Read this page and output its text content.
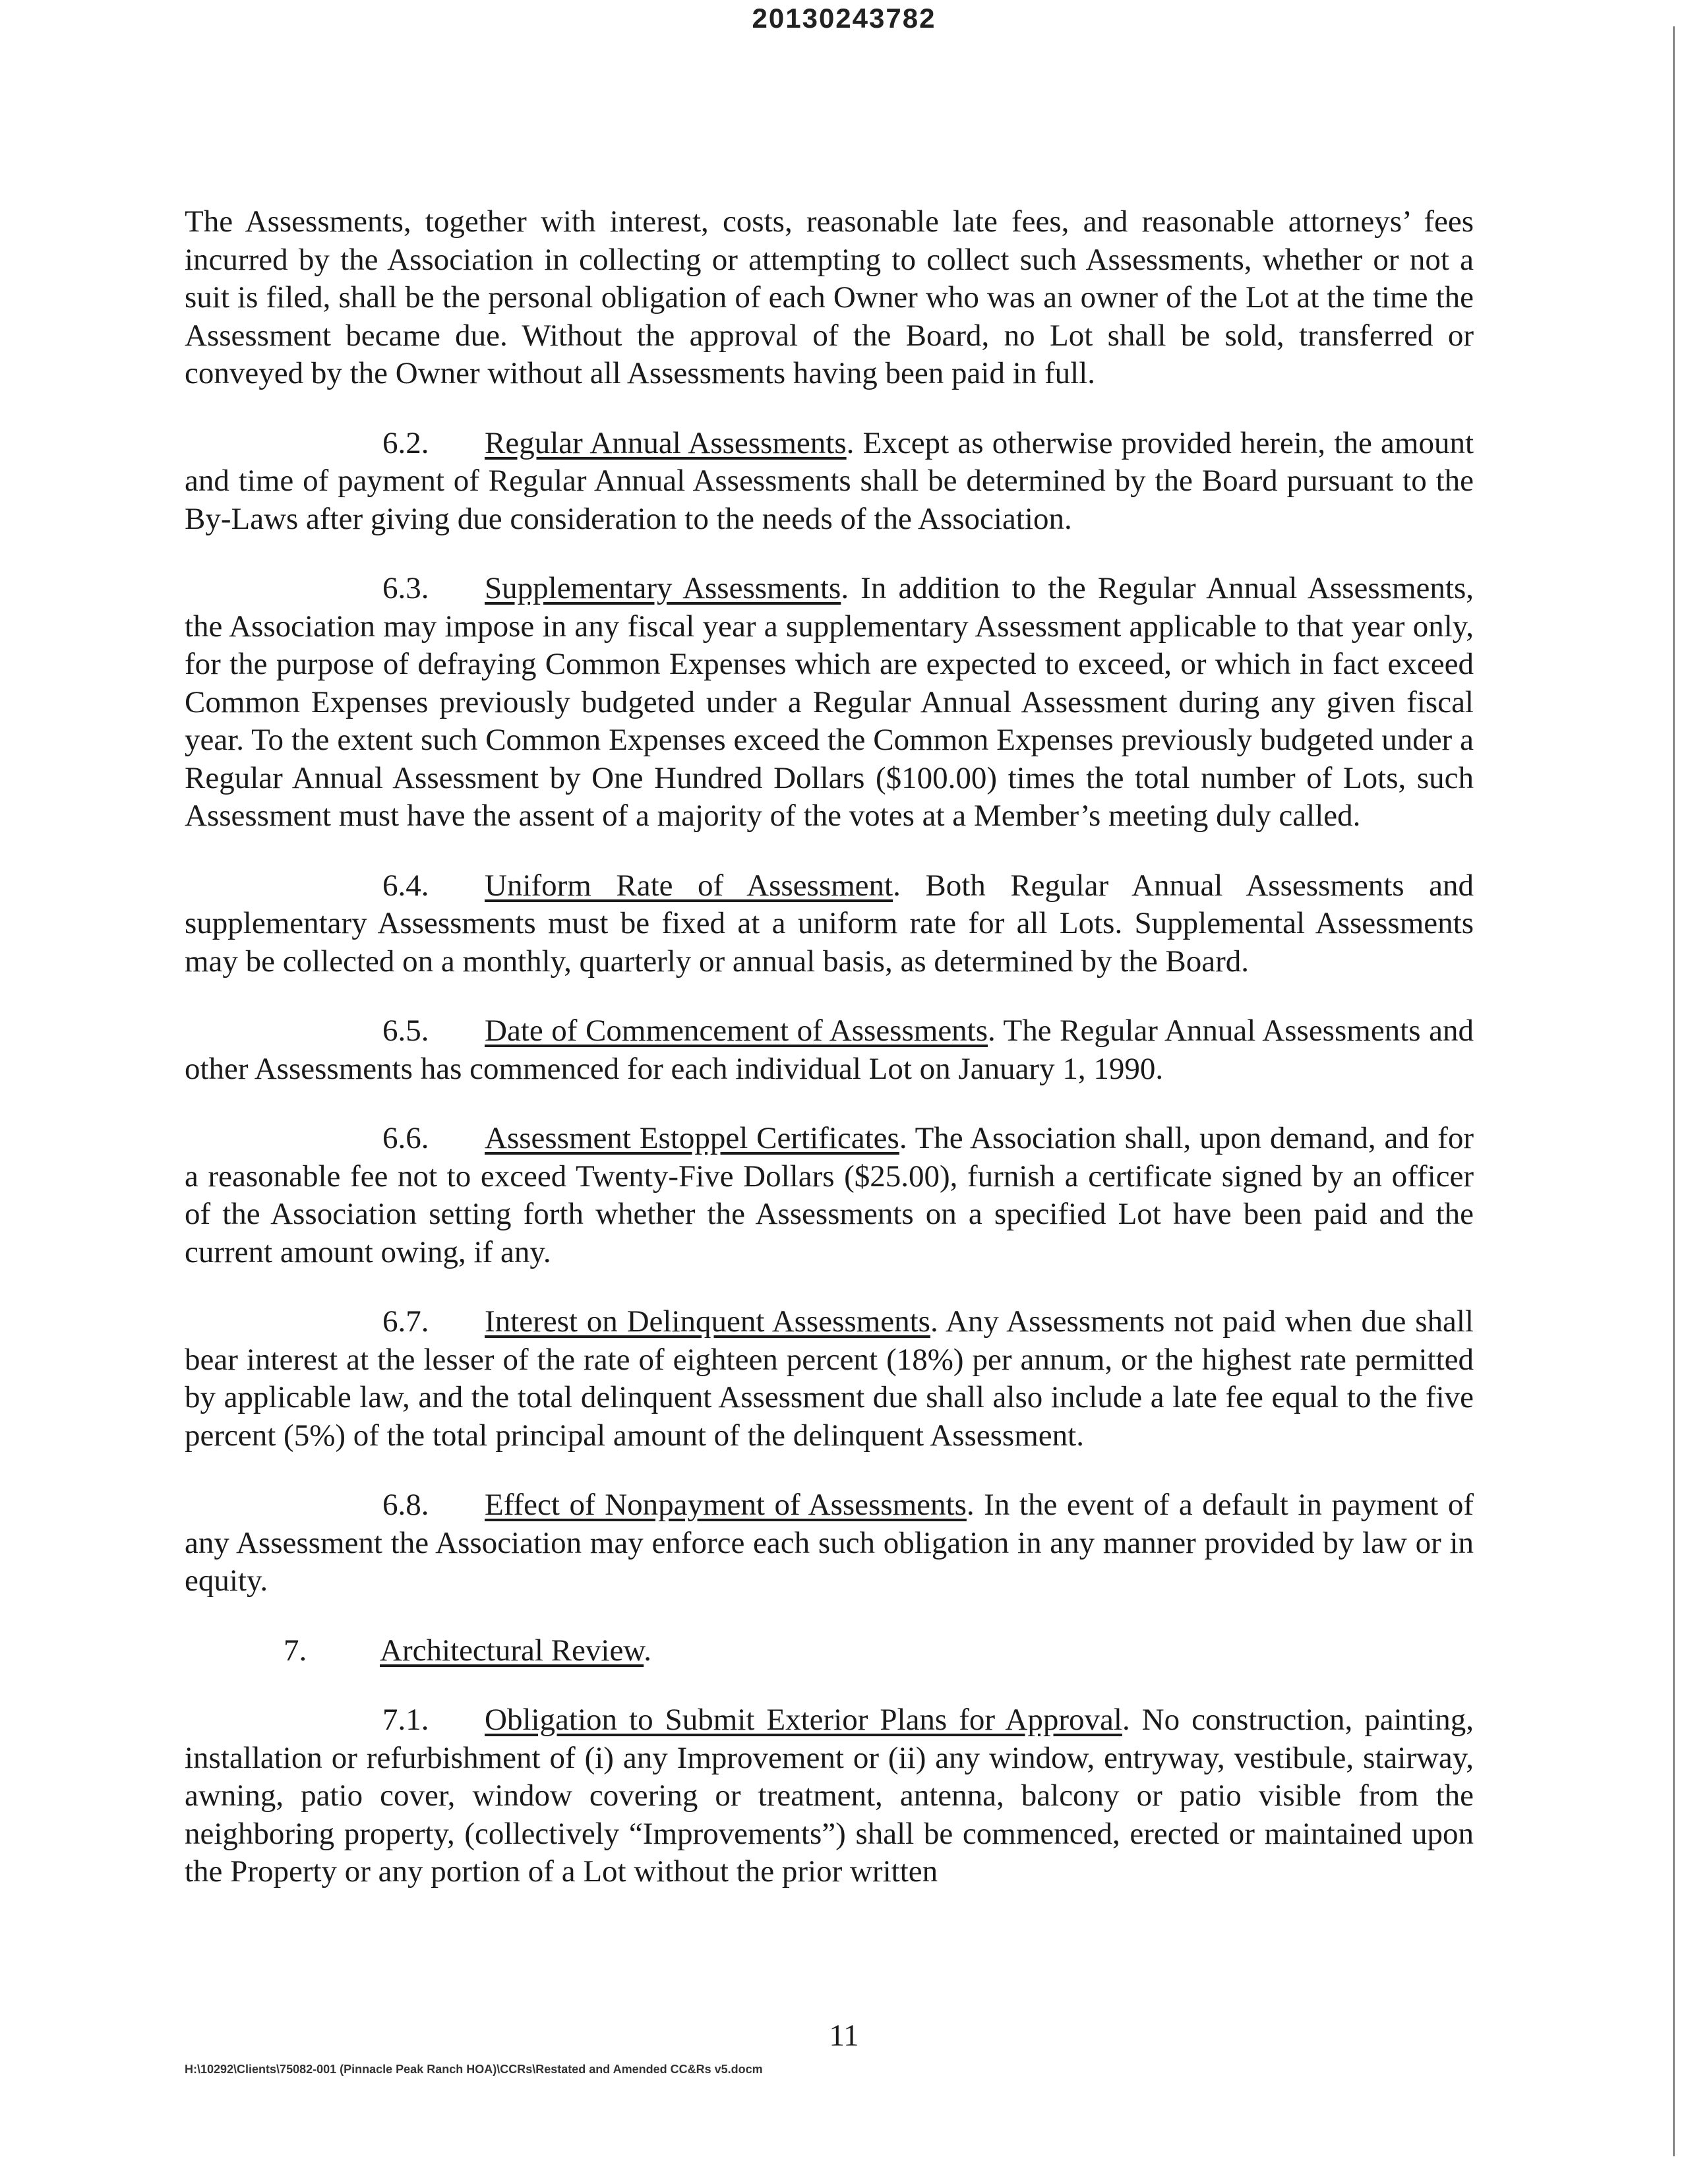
20130243782

The Assessments, together with interest, costs, reasonable late fees, and reasonable attorneys’ fees incurred by the Association in collecting or attempting to collect such Assessments, whether or not a suit is filed, shall be the personal obligation of each Owner who was an owner of the Lot at the time the Assessment became due. Without the approval of the Board, no Lot shall be sold, transferred or conveyed by the Owner without all Assessments having been paid in full.

6.2. Regular Annual Assessments. Except as otherwise provided herein, the amount and time of payment of Regular Annual Assessments shall be determined by the Board pursuant to the By-Laws after giving due consideration to the needs of the Association.

6.3. Supplementary Assessments. In addition to the Regular Annual Assessments, the Association may impose in any fiscal year a supplementary Assessment applicable to that year only, for the purpose of defraying Common Expenses which are expected to exceed, or which in fact exceed Common Expenses previously budgeted under a Regular Annual Assessment during any given fiscal year. To the extent such Common Expenses exceed the Common Expenses previously budgeted under a Regular Annual Assessment by One Hundred Dollars ($100.00) times the total number of Lots, such Assessment must have the assent of a majority of the votes at a Member’s meeting duly called.

6.4. Uniform Rate of Assessment. Both Regular Annual Assessments and supplementary Assessments must be fixed at a uniform rate for all Lots. Supplemental Assessments may be collected on a monthly, quarterly or annual basis, as determined by the Board.

6.5. Date of Commencement of Assessments. The Regular Annual Assessments and other Assessments has commenced for each individual Lot on January 1, 1990.

6.6. Assessment Estoppel Certificates. The Association shall, upon demand, and for a reasonable fee not to exceed Twenty-Five Dollars ($25.00), furnish a certificate signed by an officer of the Association setting forth whether the Assessments on a specified Lot have been paid and the current amount owing, if any.

6.7. Interest on Delinquent Assessments. Any Assessments not paid when due shall bear interest at the lesser of the rate of eighteen percent (18%) per annum, or the highest rate permitted by applicable law, and the total delinquent Assessment due shall also include a late fee equal to the five percent (5%) of the total principal amount of the delinquent Assessment.

6.8. Effect of Nonpayment of Assessments. In the event of a default in payment of any Assessment the Association may enforce each such obligation in any manner provided by law or in equity.

7. Architectural Review.

7.1. Obligation to Submit Exterior Plans for Approval. No construction, painting, installation or refurbishment of (i) any Improvement or (ii) any window, entryway, vestibule, stairway, awning, patio cover, window covering or treatment, antenna, balcony or patio visible from the neighboring property, (collectively “Improvements”) shall be commenced, erected or maintained upon the Property or any portion of a Lot without the prior written

11
H:\10292\Clients\75082-001 (Pinnacle Peak Ranch HOA)\CCRs\Restated and Amended CC&Rs v5.docm
